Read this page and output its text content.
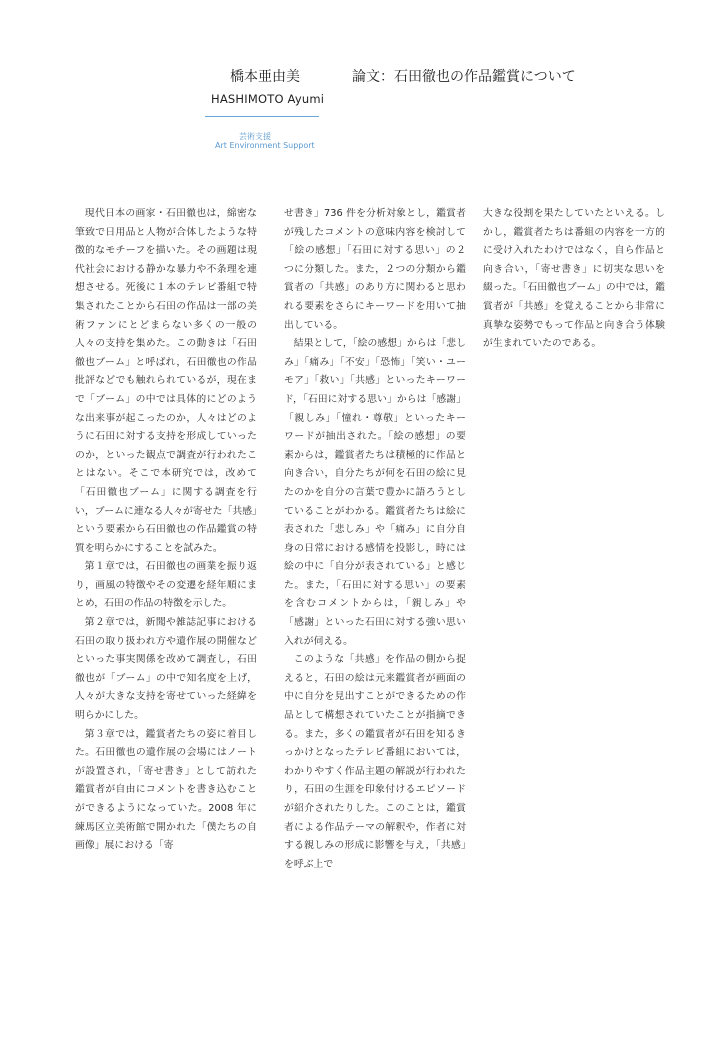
橋本亜由美	論文：石田徹也の作品鑑賞について
HASHIMOTO Ayumi
芸術支援
Art Environment Support

現代日本の画家・石田徹也は，綿密な筆致で日用品と人物が合体したような特徴的なモチーフを描いた。その画題は現代社会における静かな暴力や不条理を連想させる。死後に１本のテレビ番組で特集されたことから石田の作品は一部の美術ファンにとどまらない多くの一般の人々の支持を集めた。この動きは「石田徹也ブーム」と呼ばれ，石田徹也の作品批評などでも触れられているが，現在まで「ブーム」の中では具体的にどのような出来事が起こったのか，人々はどのように石田に対する支持を形成していったのか，といった観点で調査が行われたことはない。そこで本研究では，改めて「石田徹也ブーム」に関する調査を行い，ブームに連なる人々が寄せた「共感」という要素から石田徹也の作品鑑賞の特質を明らかにすることを試みた。

第１章では，石田徹也の画業を振り返り，画風の特徴やその変遷を経年順にまとめ，石田の作品の特徴を示した。

第２章では，新聞や雑誌記事における石田の取り扱われ方や遺作展の開催などといった事実関係を改めて調査し，石田徹也が「ブーム」の中で知名度を上げ，人々が大きな支持を寄せていった経緯を明らかにした。

第３章では，鑑賞者たちの姿に着目した。石田徹也の遺作展の会場にはノートが設置され，「寄せ書き」として訪れた鑑賞者が自由にコメントを書き込むことができるようになっていた。2008 年に練馬区立美術館で開かれた「僕たちの自画像」展における「寄

せ書き」736 件を分析対象とし，鑑賞者が残したコメントの意味内容を検討して「絵の感想」「石田に対する思い」の２つに分類した。また，２つの分類から鑑賞者の「共感」のあり方に関わると思われる要素をさらにキーワードを用いて抽出している。

結果として，「絵の感想」からは「悲しみ」「痛み」「不安」「恐怖」「笑い・ユーモア」「救い」「共感」といったキーワード，「石田に対する思い」からは「感謝」「親しみ」「憧れ・尊敬」といったキーワードが抽出された。「絵の感想」の要素からは，鑑賞者たちは積極的に作品と向き合い，自分たちが何を石田の絵に見たのかを自分の言葉で豊かに語ろうとしていることがわかる。鑑賞者たちは絵に表された「悲しみ」や「痛み」に自分自身の日常における感情を投影し，時には絵の中に「自分が表されている」と感じた。また，「石田に対する思い」の要素を含むコメントからは，「親しみ」や「感謝」といった石田に対する強い思い入れが伺える。

このような「共感」を作品の側から捉えると，石田の絵は元来鑑賞者が画面の中に自分を見出すことができるための作品として構想されていたことが指摘できる。また，多くの鑑賞者が石田を知るきっかけとなったテレビ番組においては，わかりやすく作品主題の解説が行われたり，石田の生涯を印象付けるエピソードが紹介されたりした。このことは，鑑賞者による作品テーマの解釈や，作者に対する親しみの形成に影響を与え，「共感」を呼ぶ上で

大きな役割を果たしていたといえる。しかし，鑑賞者たちは番組の内容を一方的に受け入れたわけではなく，自ら作品と向き合い，「寄せ書き」に切実な思いを綴った。「石田徹也ブーム」の中では，鑑賞者が「共感」を覚えることから非常に真摯な姿勢でもって作品と向き合う体験が生まれていたのである。
